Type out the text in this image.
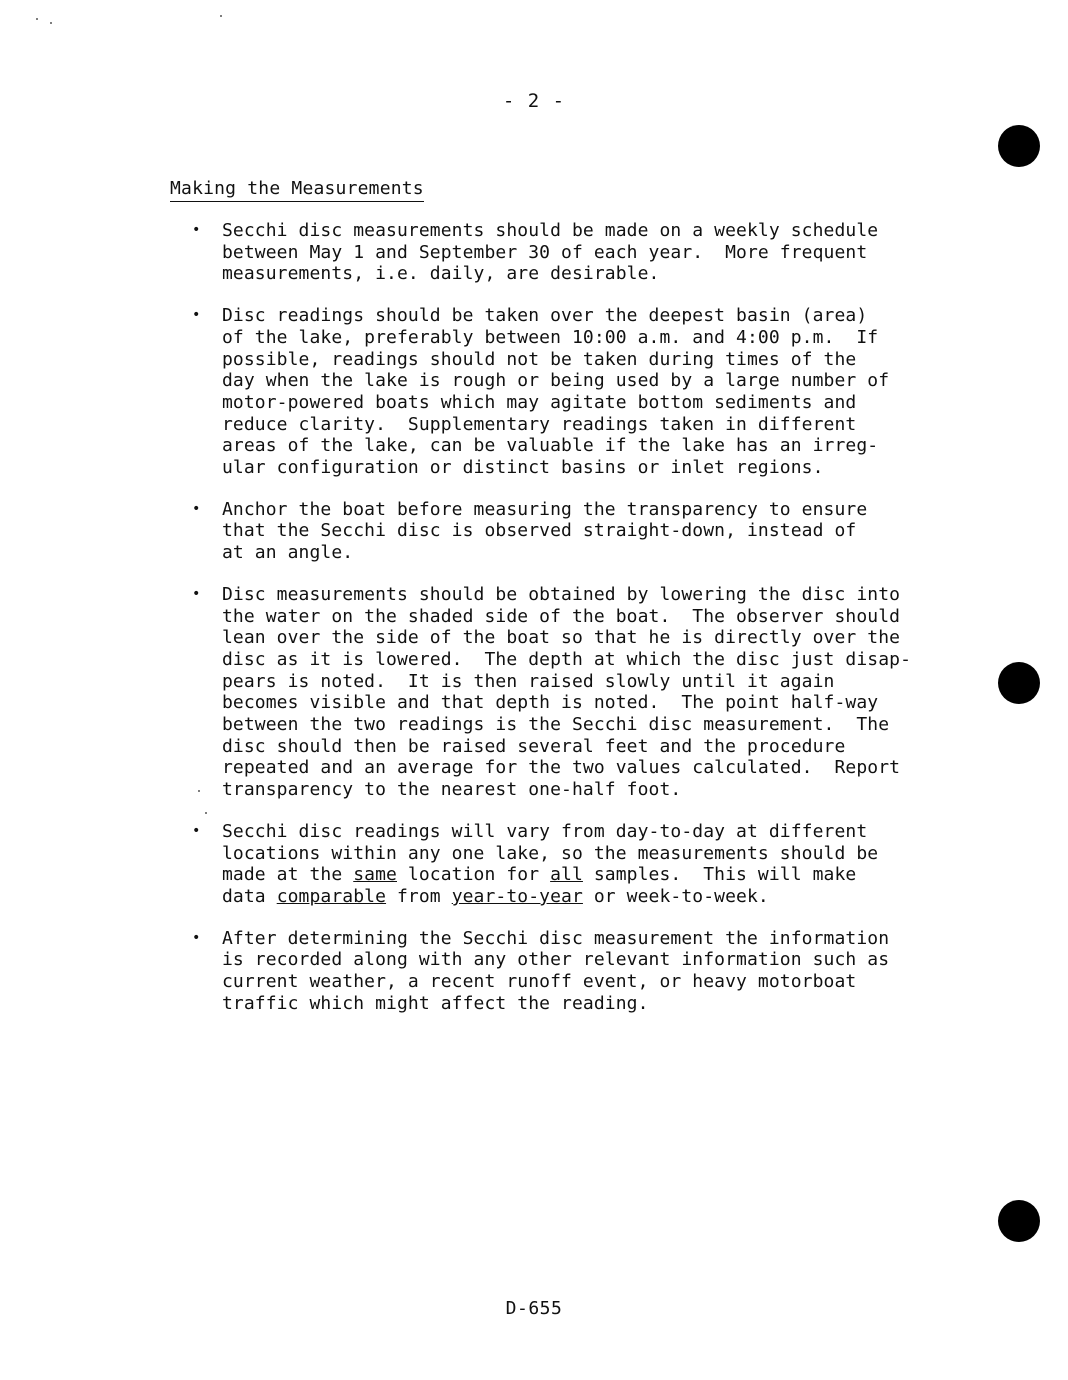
- 2 -
Making the Measurements
• Secchi disc measurements should be made on a weekly schedule
between May 1 and September 30 of each year.  More frequent
measurements, i.e. daily, are desirable.
• Disc readings should be taken over the deepest basin (area)
of the lake, preferably between 10:00 a.m. and 4:00 p.m.  If
possible, readings should not be taken during times of the
day when the lake is rough or being used by a large number of
motor-powered boats which may agitate bottom sediments and
reduce clarity.  Supplementary readings taken in different
areas of the lake, can be valuable if the lake has an irreg-
ular configuration or distinct basins or inlet regions.
• Anchor the boat before measuring the transparency to ensure
that the Secchi disc is observed straight-down, instead of
at an angle.
• Disc measurements should be obtained by lowering the disc into
the water on the shaded side of the boat.  The observer should
lean over the side of the boat so that he is directly over the
disc as it is lowered.  The depth at which the disc just disap-
pears is noted.  It is then raised slowly until it again
becomes visible and that depth is noted.  The point half-way
between the two readings is the Secchi disc measurement.  The
disc should then be raised several feet and the procedure
repeated and an average for the two values calculated.  Report
transparency to the nearest one-half foot.
• Secchi disc readings will vary from day-to-day at different
locations within any one lake, so the measurements should be
made at the same location for all samples.  This will make
data comparable from year-to-year or week-to-week.
• After determining the Secchi disc measurement the information
is recorded along with any other relevant information such as
current weather, a recent runoff event, or heavy motorboat
traffic which might affect the reading.
D-655
